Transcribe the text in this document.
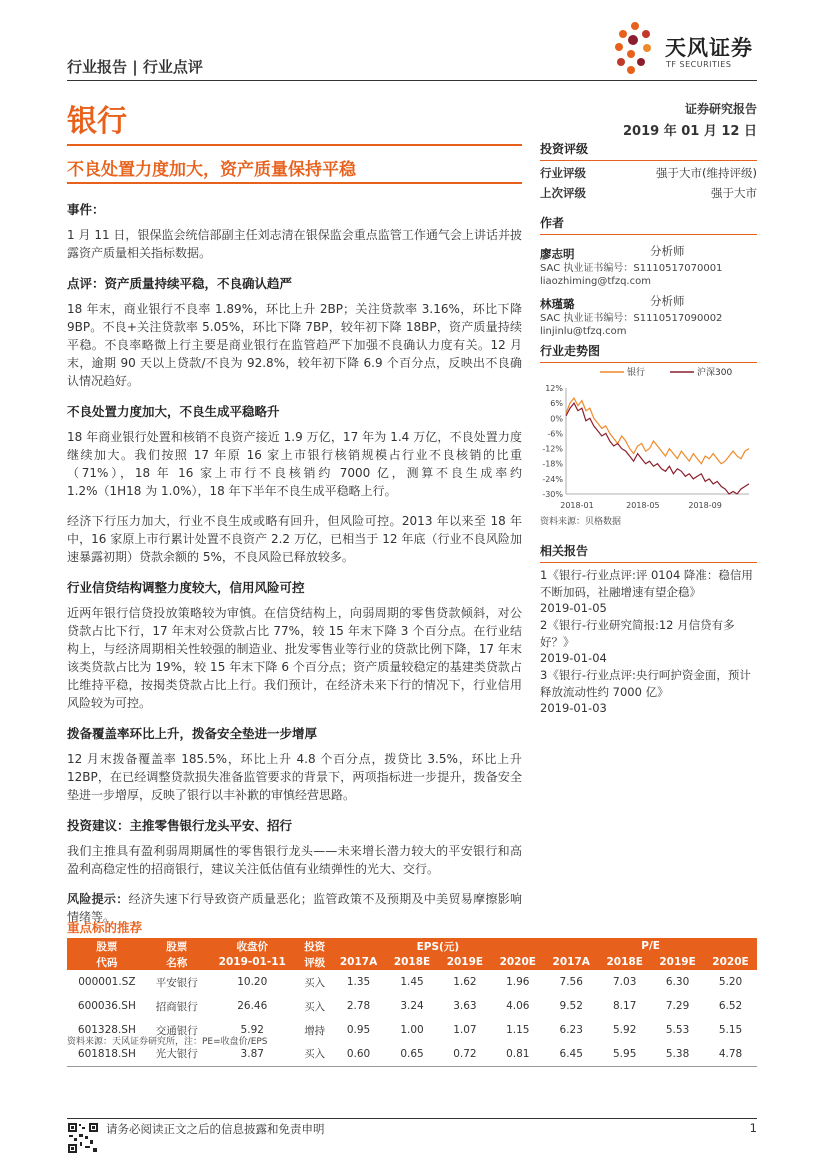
行业报告 | 行业点评
天风证券
TF SECURITIES
银行	证券研究报告
2019 年 01 月 12 日
不良处置力度加大，资产质量保持平稳
事件：

1 月 11 日，银保监会统信部副主任刘志清在银保监会重点监管工作通气会上讲话并披露资产质量相关指标数据。

点评：资产质量持续平稳，不良确认趋严

18 年末，商业银行不良率 1.89%，环比上升 2BP；关注贷款率 3.16%，环比下降 9BP。不良+关注贷款率 5.05%，环比下降 7BP，较年初下降 18BP，资产质量持续平稳。不良率略微上行主要是商业银行在监管趋严下加强不良确认力度有关。12 月末，逾期 90 天以上贷款/不良为 92.8%，较年初下降 6.9 个百分点，反映出不良确认情况趋好。

不良处置力度加大，不良生成平稳略升

18 年商业银行处置和核销不良资产接近 1.9 万亿，17 年为 1.4 万亿，不良处置力度继续加大。我们按照 17 年原 16 家上市银行核销规模占行业不良核销的比重（71%），18 年 16 家上市行不良核销约 7000 亿，测算不良生成率约 1.2%（1H18 为 1.0%），18 年下半年不良生成平稳略上行。

经济下行压力加大，行业不良生成或略有回升，但风险可控。2013 年以来至 18 年中，16 家原上市行累计处置不良资产 2.2 万亿，已相当于 12 年底（行业不良风险加速暴露初期）贷款余额的 5%，不良风险已释放较多。

行业信贷结构调整力度较大，信用风险可控

近两年银行信贷投放策略较为审慎。在信贷结构上，向弱周期的零售贷款倾斜，对公贷款占比下行，17 年末对公贷款占比 77%，较 15 年末下降 3 个百分点。在行业结构上，与经济周期相关性较强的制造业、批发零售业等行业的贷款比例下降，17 年末该类贷款占比为 19%，较 15 年末下降 6 个百分点；资产质量较稳定的基建类贷款占比维持平稳，按揭类贷款占比上行。我们预计，在经济未来下行的情况下，行业信用风险较为可控。

拨备覆盖率环比上升，拨备安全垫进一步增厚

12 月末拨备覆盖率 185.5%，环比上升 4.8 个百分点，拨贷比 3.5%，环比上升 12BP，在已经调整贷款损失准备监管要求的背景下，两项指标进一步提升，拨备安全垫进一步增厚，反映了银行以丰补歉的审慎经营思路。

投资建议：主推零售银行龙头平安、招行

我们主推具有盈利弱周期属性的零售银行龙头——未来增长潜力较大的平安银行和高盈利高稳定性的招商银行，建议关注低估值有业绩弹性的光大、交行。

风险提示：经济失速下行导致资产质量恶化；监管政策不及预期及中美贸易摩擦影响情绪等。

投资评级
行业评级	强于大市(维持评级)
上次评级	强于大市
作者
廖志明	分析师
SAC 执业证书编号：S1110517070001
liaozhiming@tfzq.com
林瑾璐	分析师
SAC 执业证书编号：S1110517090002
linjinlu@tfzq.com
行业走势图
12%
6%
0%
-6%
-12%
-18%
-24%
-30%
2018-01	2018-05	2018-09
银行	沪深300
资料来源：贝格数据
相关报告
1《银行-行业点评:评 0104 降准：稳信用不断加码，社融增速有望企稳》
2019-01-05
2《银行-行业研究简报:12 月信贷有多好？》
2019-01-04
3《银行-行业点评:央行呵护资金面，预计释放流动性约 7000 亿》
2019-01-03
重点标的推荐
股票	股票	收盘价	投资	EPS(元)				P/E			
代码	名称	2019-01-11	评级	2017A	2018E	2019E	2020E	2017A	2018E	2019E	2020E
000001.SZ	平安银行	10.20	买入	1.35	1.45	1.62	1.96	7.56	7.03	6.30	5.20
600036.SH	招商银行	26.46	买入	2.78	3.24	3.63	4.06	9.52	8.17	7.29	6.52
601328.SH	交通银行	5.92	增持	0.95	1.00	1.07	1.15	6.23	5.92	5.53	5.15
601818.SH	光大银行	3.87	买入	0.60	0.65	0.72	0.81	6.45	5.95	5.38	4.78
资料来源：天风证券研究所，注：PE=收盘价/EPS
请务必阅读正文之后的信息披露和免责申明	1
